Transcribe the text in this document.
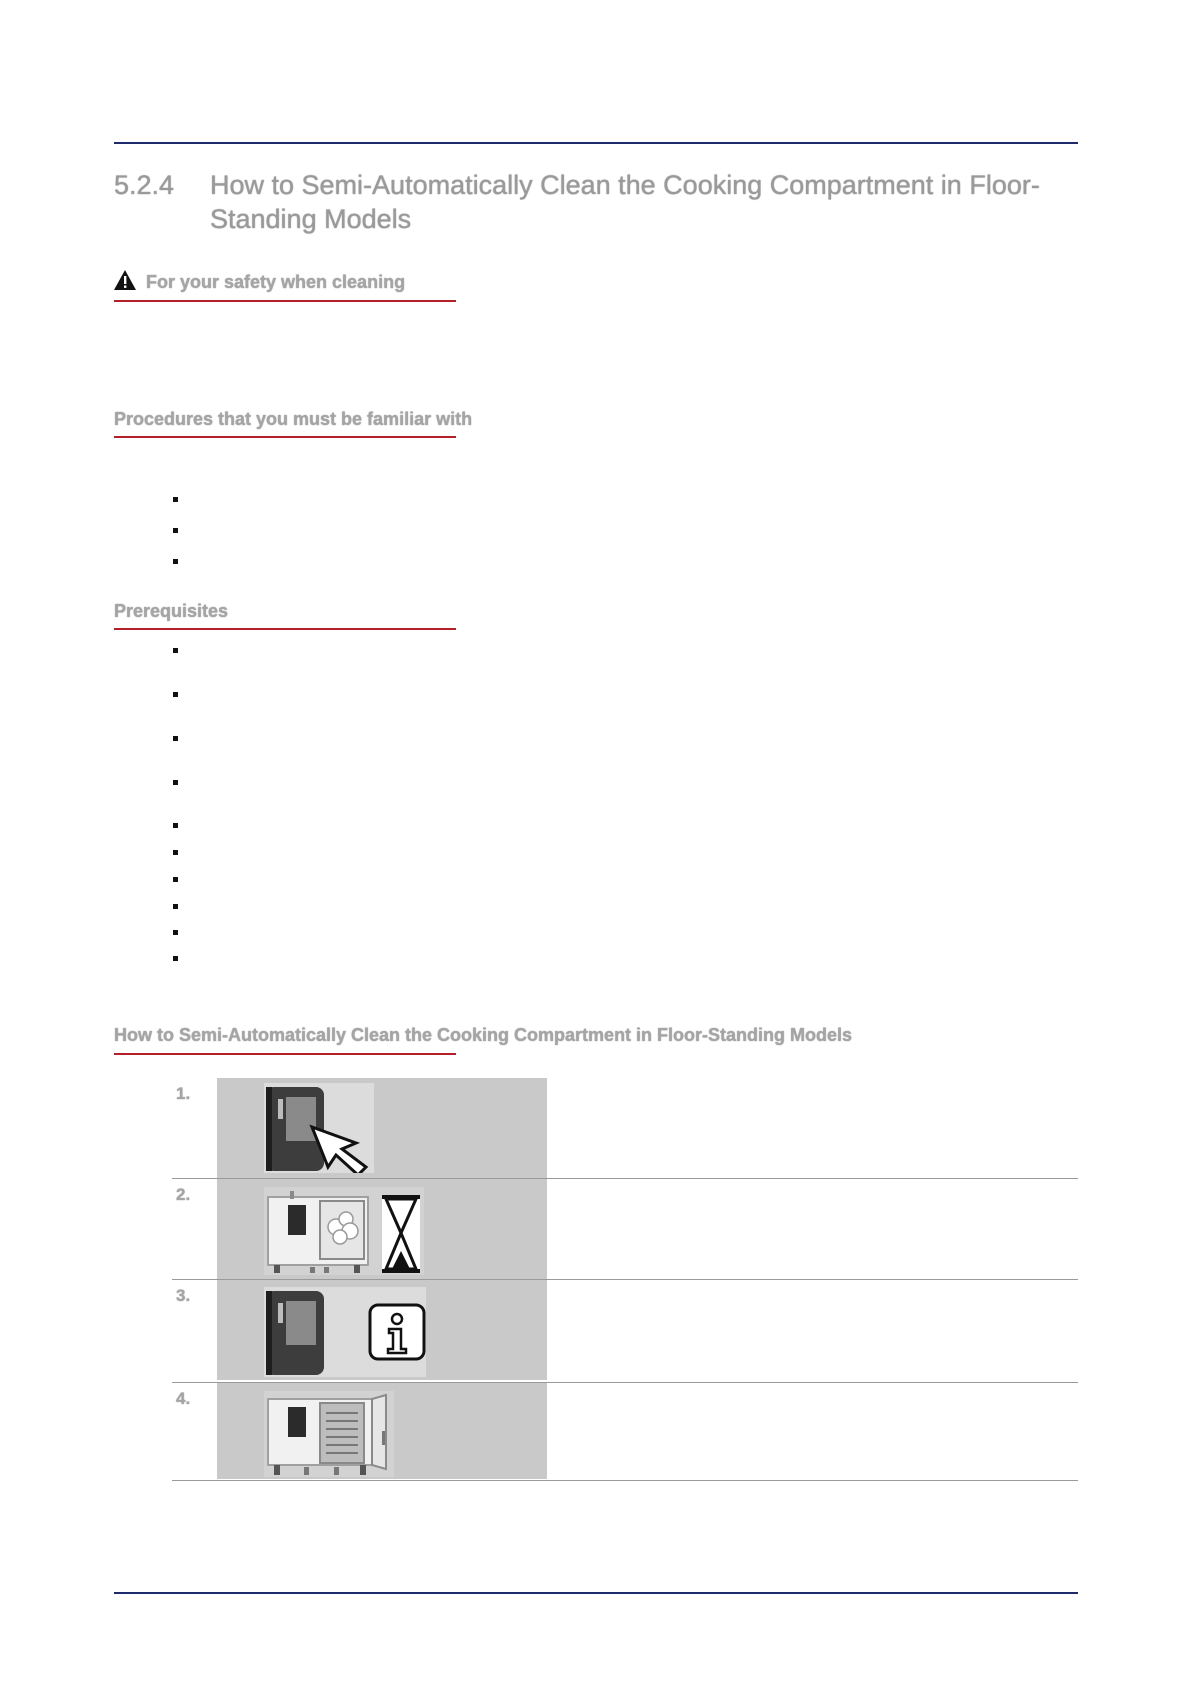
5.2.4	How to Semi-Automatically Clean the Cooking Compartment in Floor-Standing Models
For your safety when cleaning
Procedures that you must be familiar with
Prerequisites
How to Semi-Automatically Clean the Cooking Compartment in Floor-Standing Models
1.
2.
3.
4.
